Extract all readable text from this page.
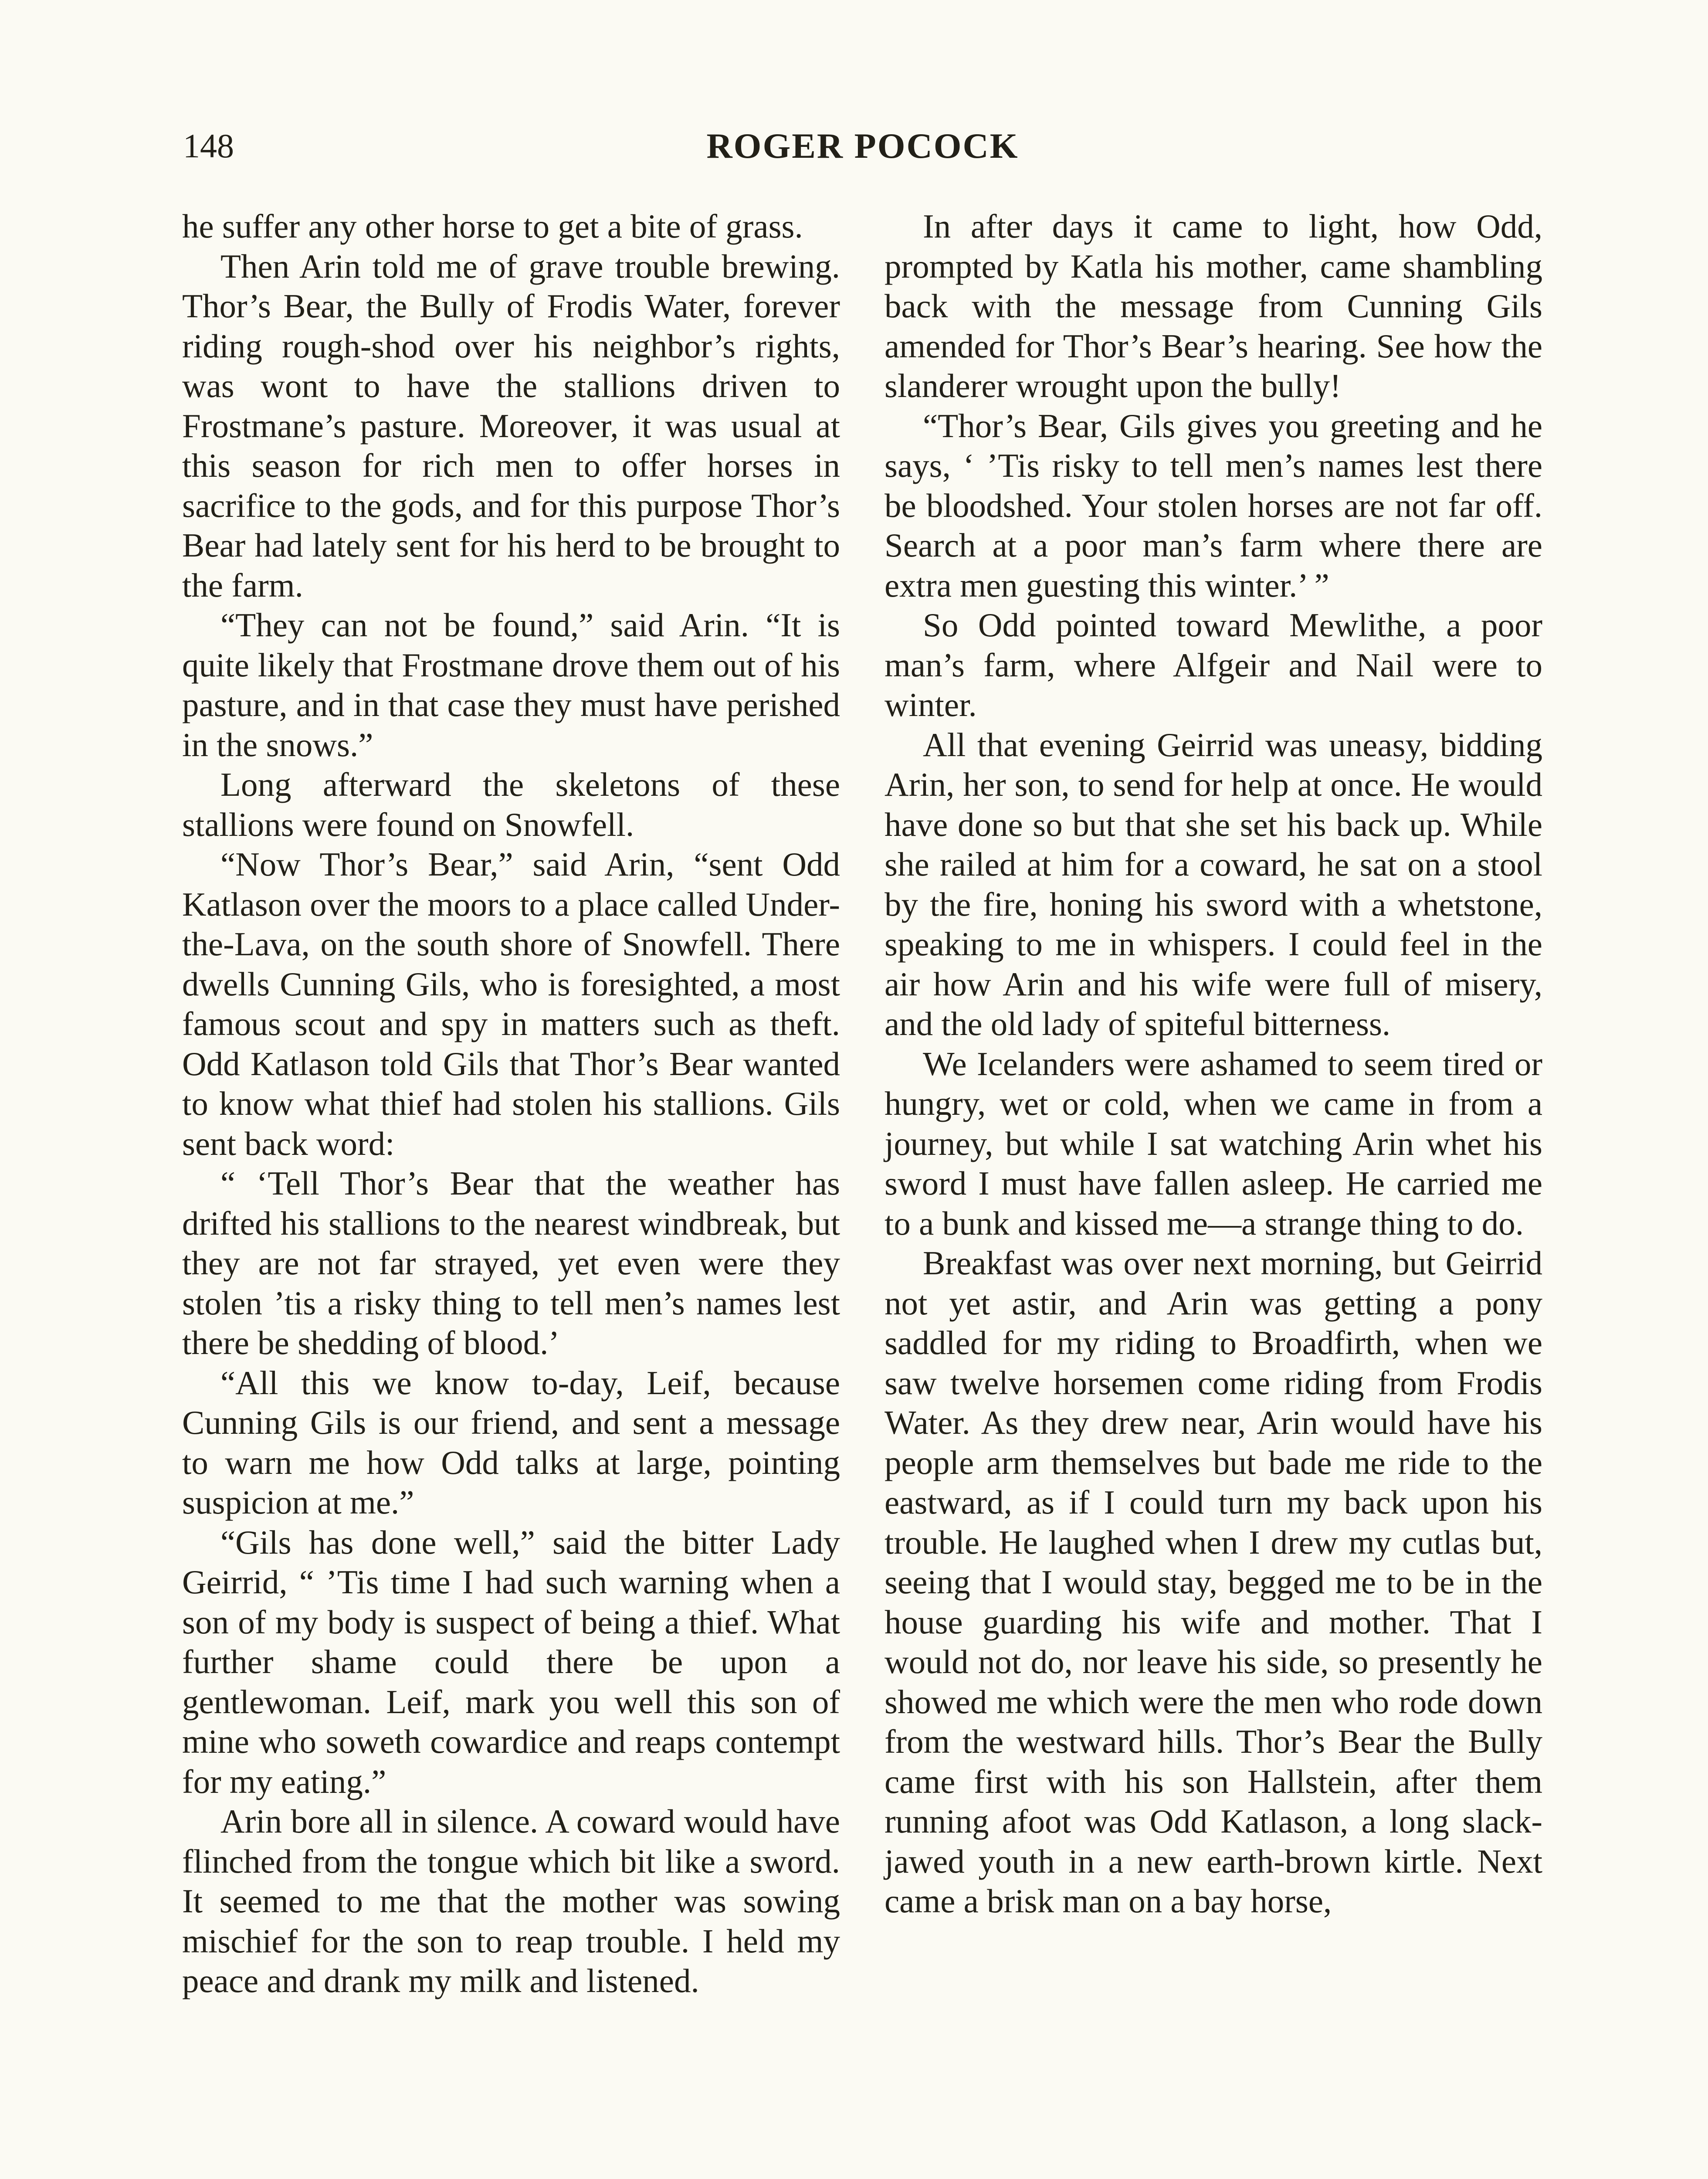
148	ROGER POCOCK

he suffer any other horse to get a bite of grass.

Then Arin told me of grave trouble brewing. Thor’s Bear, the Bully of Frodis Water, forever riding rough-shod over his neighbor’s rights, was wont to have the stallions driven to Frostmane’s pasture. Moreover, it was usual at this season for rich men to offer horses in sacrifice to the gods, and for this purpose Thor’s Bear had lately sent for his herd to be brought to the farm.

“They can not be found,” said Arin. “It is quite likely that Frostmane drove them out of his pasture, and in that case they must have perished in the snows.”

Long afterward the skeletons of these stallions were found on Snowfell.

“Now Thor’s Bear,” said Arin, “sent Odd Katlason over the moors to a place called Under-the-Lava, on the south shore of Snowfell. There dwells Cunning Gils, who is foresighted, a most famous scout and spy in matters such as theft. Odd Katlason told Gils that Thor’s Bear wanted to know what thief had stolen his stallions. Gils sent back word:

“ ‘Tell Thor’s Bear that the weather has drifted his stallions to the nearest windbreak, but they are not far strayed, yet even were they stolen ’tis a risky thing to tell men’s names lest there be shedding of blood.’

“All this we know to-day, Leif, because Cunning Gils is our friend, and sent a message to warn me how Odd talks at large, pointing suspicion at me.”

“Gils has done well,” said the bitter Lady Geirrid, “ ’Tis time I had such warning when a son of my body is suspect of being a thief. What further shame could there be upon a gentlewoman. Leif, mark you well this son of mine who soweth cowardice and reaps contempt for my eating.”

Arin bore all in silence. A coward would have flinched from the tongue which bit like a sword. It seemed to me that the mother was sowing mischief for the son to reap trouble. I held my peace and drank my milk and listened.

In after days it came to light, how Odd, prompted by Katla his mother, came shambling back with the message from Cunning Gils amended for Thor’s Bear’s hearing. See how the slanderer wrought upon the bully!

“Thor’s Bear, Gils gives you greeting and he says, ‘ ’Tis risky to tell men’s names lest there be bloodshed. Your stolen horses are not far off. Search at a poor man’s farm where there are extra men guesting this winter.’ ”

So Odd pointed toward Mewlithe, a poor man’s farm, where Alfgeir and Nail were to winter.

All that evening Geirrid was uneasy, bidding Arin, her son, to send for help at once. He would have done so but that she set his back up. While she railed at him for a coward, he sat on a stool by the fire, honing his sword with a whetstone, speaking to me in whispers. I could feel in the air how Arin and his wife were full of misery, and the old lady of spiteful bitterness.

We Icelanders were ashamed to seem tired or hungry, wet or cold, when we came in from a journey, but while I sat watching Arin whet his sword I must have fallen asleep. He carried me to a bunk and kissed me—a strange thing to do.

Breakfast was over next morning, but Geirrid not yet astir, and Arin was getting a pony saddled for my riding to Broadfirth, when we saw twelve horsemen come riding from Frodis Water. As they drew near, Arin would have his people arm themselves but bade me ride to the eastward, as if I could turn my back upon his trouble. He laughed when I drew my cutlas but, seeing that I would stay, begged me to be in the house guarding his wife and mother. That I would not do, nor leave his side, so presently he showed me which were the men who rode down from the westward hills. Thor’s Bear the Bully came first with his son Hallstein, after them running afoot was Odd Katlason, a long slack-jawed youth in a new earth-brown kirtle. Next came a brisk man on a bay horse,
